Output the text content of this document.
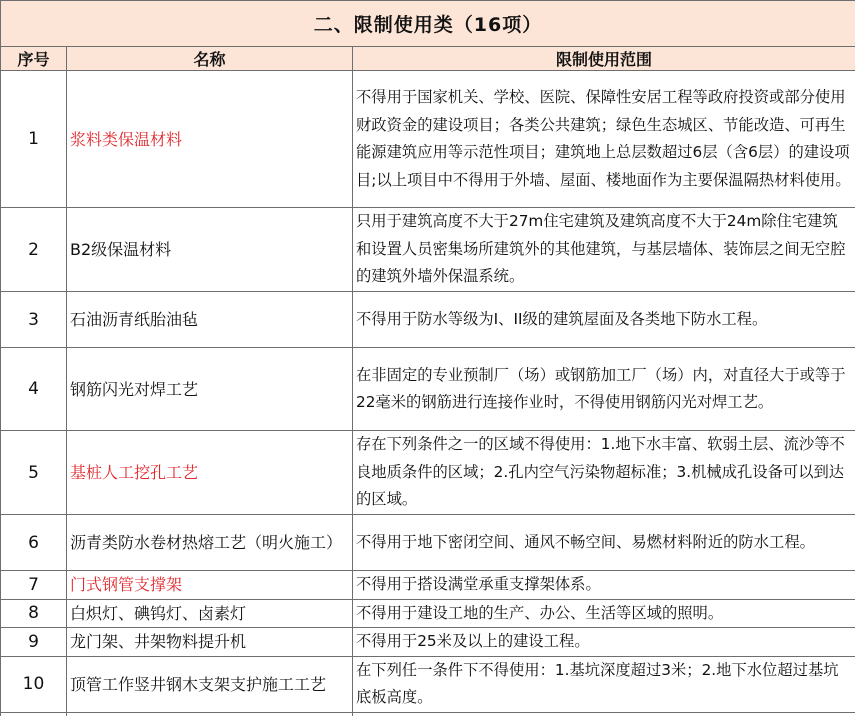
二、限制使用类（16项）		
序号	名称	限制使用范围
1	浆料类保温材料	不得用于国家机关、学校、医院、保障性安居工程等政府投资或部分使用财政资金的建设项目；各类公共建筑；绿色生态城区、节能改造、可再生能源建筑应用等示范性项目；建筑地上总层数超过6层（含6层）的建设项目;以上项目中不得用于外墙、屋面、楼地面作为主要保温隔热材料使用。
2	B2级保温材料	只用于建筑高度不大于27m住宅建筑及建筑高度不大于24m除住宅建筑和设置人员密集场所建筑外的其他建筑，与基层墙体、装饰层之间无空腔的建筑外墙外保温系统。
3	石油沥青纸胎油毡	不得用于防水等级为I、II级的建筑屋面及各类地下防水工程。
4	钢筋闪光对焊工艺	在非固定的专业预制厂（场）或钢筋加工厂（场）内，对直径大于或等于22毫米的钢筋进行连接作业时，不得使用钢筋闪光对焊工艺。
5	基桩人工挖孔工艺	存在下列条件之一的区域不得使用：1.地下水丰富、软弱土层、流沙等不良地质条件的区域；2.孔内空气污染物超标准；3.机械成孔设备可以到达的区域。
6	沥青类防水卷材热熔工艺（明火施工）	不得用于地下密闭空间、通风不畅空间、易燃材料附近的防水工程。
7	门式钢管支撑架	不得用于搭设满堂承重支撑架体系。
8	白炽灯、碘钨灯、卤素灯	不得用于建设工地的生产、办公、生活等区域的照明。
9	龙门架、井架物料提升机	不得用于25米及以上的建设工程。
10	顶管工作竖井钢木支架支护施工工艺	在下列任一条件下不得使用：1.基坑深度超过3米；2.地下水位超过基坑底板高度。
